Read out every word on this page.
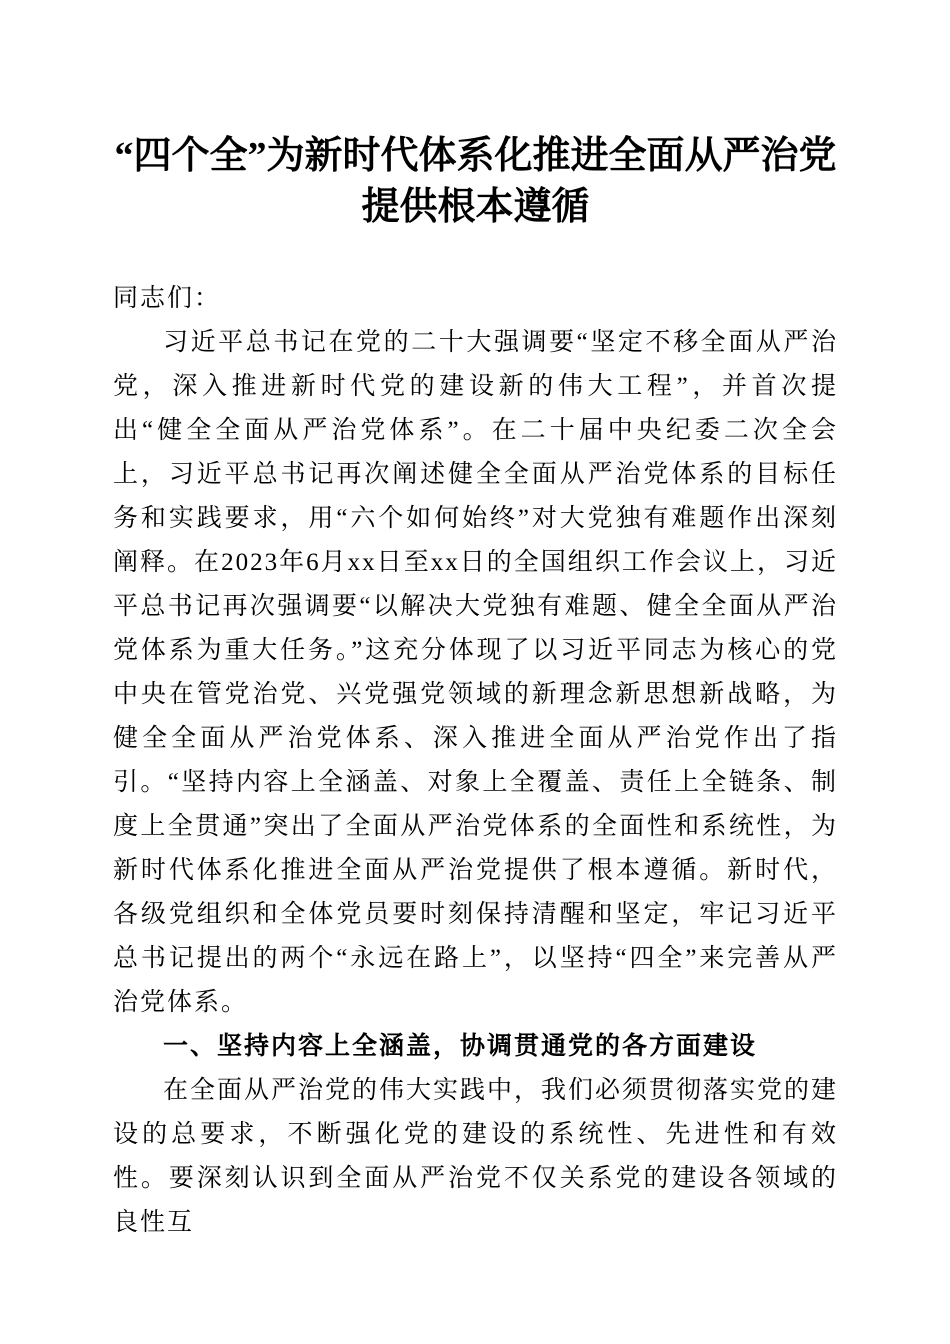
“四个全”为新时代体系化推进全面从严治党
提供根本遵循

同志们：

习近平总书记在党的二十大强调要“坚定不移全面从严治党，深入推进新时代党的建设新的伟大工程”，并首次提出“健全全面从严治党体系”。在二十届中央纪委二次全会上，习近平总书记再次阐述健全全面从严治党体系的目标任务和实践要求，用“六个如何始终”对大党独有难题作出深刻阐释。在2023年6月xx日至xx日的全国组织工作会议上，习近平总书记再次强调要“以解决大党独有难题、健全全面从严治党体系为重大任务。”这充分体现了以习近平同志为核心的党中央在管党治党、兴党强党领域的新理念新思想新战略，为健全全面从严治党体系、深入推进全面从严治党作出了指引。“坚持内容上全涵盖、对象上全覆盖、责任上全链条、制度上全贯通”突出了全面从严治党体系的全面性和系统性，为新时代体系化推进全面从严治党提供了根本遵循。新时代，各级党组织和全体党员要时刻保持清醒和坚定，牢记习近平总书记提出的两个“永远在路上”，以坚持“四全”来完善从严治党体系。

一、坚持内容上全涵盖，协调贯通党的各方面建设

在全面从严治党的伟大实践中，我们必须贯彻落实党的建设的总要求，不断强化党的建设的系统性、先进性和有效性。要深刻认识到全面从严治党不仅关系党的建设各领域的良性互
